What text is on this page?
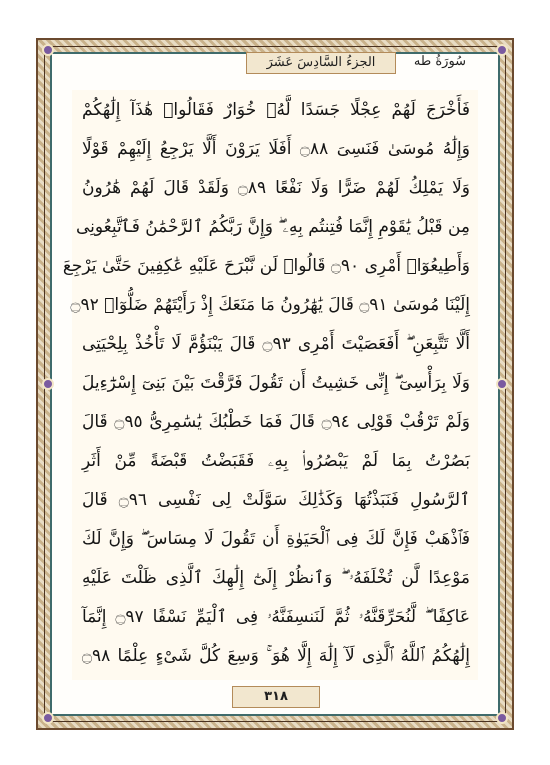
الجزءُ السَّادِسَ عَشَرَ	سُورَةُ طه
فَأَخْرَجَ لَهُمْ عِجْلًا جَسَدًا لَّهُۥ خُوَارٌ فَقَالُوا۟ هَٰذَآ إِلَٰهُكُمْ
وَإِلَٰهُ مُوسَىٰ فَنَسِىَ ۝٨٨ أَفَلَا يَرَوْنَ أَلَّا يَرْجِعُ إِلَيْهِمْ قَوْلًا
وَلَا يَمْلِكُ لَهُمْ ضَرًّا وَلَا نَفْعًا ۝٨٩ وَلَقَدْ قَالَ لَهُمْ هَٰرُونُ
مِن قَبْلُ يَٰقَوْمِ إِنَّمَا فُتِنتُم بِهِۦ ۖ وَإِنَّ رَبَّكُمُ ٱلرَّحْمَٰنُ فَٱتَّبِعُونِى
وَأَطِيعُوٓا۟ أَمْرِى ۝٩٠ قَالُوا۟ لَن نَّبْرَحَ عَلَيْهِ عَٰكِفِينَ حَتَّىٰ يَرْجِعَ
إِلَيْنَا مُوسَىٰ ۝٩١ قَالَ يَٰهَٰرُونُ مَا مَنَعَكَ إِذْ رَأَيْتَهُمْ ضَلُّوٓا۟ ۝٩٢
أَلَّا تَتَّبِعَنِ ۖ أَفَعَصَيْتَ أَمْرِى ۝٩٣ قَالَ يَبْنَؤُمَّ لَا تَأْخُذْ بِلِحْيَتِى
وَلَا بِرَأْسِىٓ ۖ إِنِّى خَشِيتُ أَن تَقُولَ فَرَّقْتَ بَيْنَ بَنِىٓ إِسْرَٰٓءِيلَ
وَلَمْ تَرْقُبْ قَوْلِى ۝٩٤ قَالَ فَمَا خَطْبُكَ يَٰسَٰمِرِىُّ ۝٩٥ قَالَ
بَصُرْتُ بِمَا لَمْ يَبْصُرُوا۟ بِهِۦ فَقَبَضْتُ قَبْضَةً مِّنْ أَثَرِ
ٱلرَّسُولِ فَنَبَذْتُهَا وَكَذَٰلِكَ سَوَّلَتْ لِى نَفْسِى ۝٩٦ قَالَ
فَٱذْهَبْ فَإِنَّ لَكَ فِى ٱلْحَيَوٰةِ أَن تَقُولَ لَا مِسَاسَ ۖ وَإِنَّ لَكَ
مَوْعِدًا لَّن تُخْلَفَهُۥ ۖ وَٱنظُرْ إِلَىٰٓ إِلَٰهِكَ ٱلَّذِى ظَلْتَ عَلَيْهِ
عَاكِفًا ۖ لَّنُحَرِّقَنَّهُۥ ثُمَّ لَنَنسِفَنَّهُۥ فِى ٱلْيَمِّ نَسْفًا ۝٩٧ إِنَّمَآ
إِلَٰهُكُمُ ٱللَّهُ ٱلَّذِى لَآ إِلَٰهَ إِلَّا هُوَ ۚ وَسِعَ كُلَّ شَىْءٍ عِلْمًا ۝٩٨
٣١٨
